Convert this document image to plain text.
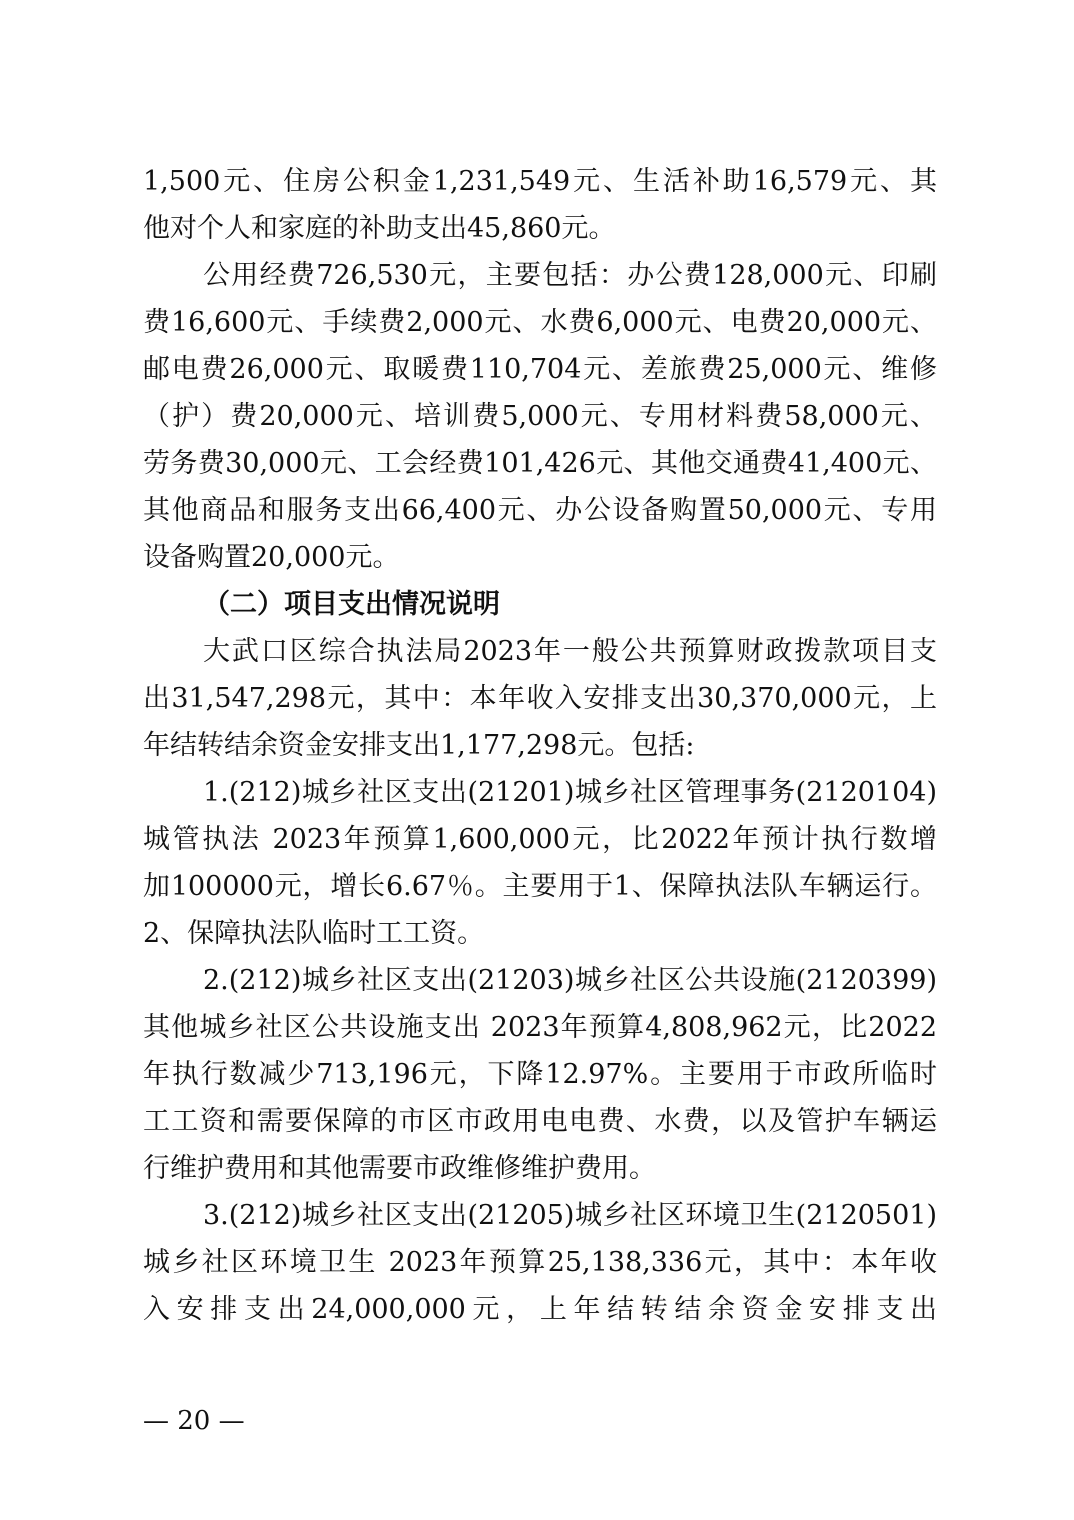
1,500元、住房公积金1,231,549元、生活补助16,579元、其
他对个人和家庭的补助支出45,860元。
公用经费726,530元，主要包括：办公费128,000元、印刷
费16,600元、手续费2,000元、水费6,000元、电费20,000元、
邮电费26,000元、取暖费110,704元、差旅费25,000元、维修
（护）费20,000元、培训费5,000元、专用材料费58,000元、
劳务费30,000元、工会经费101,426元、其他交通费41,400元、
其他商品和服务支出66,400元、办公设备购置50,000元、专用
设备购置20,000元。
（二）项目支出情况说明
大武口区综合执法局2023年一般公共预算财政拨款项目支
出31,547,298元，其中：本年收入安排支出30,370,000元，上
年结转结余资金安排支出1,177,298元。包括:
1.(212)城乡社区支出(21201)城乡社区管理事务(2120104)
城管执法 2023年预算1,600,000元，比2022年预计执行数增
加100000元，增长6.67％。主要用于1、保障执法队车辆运行。
2、保障执法队临时工工资。
2.(212)城乡社区支出(21203)城乡社区公共设施(2120399)
其他城乡社区公共设施支出 2023年预算4,808,962元，比2022
年执行数减少713,196元，下降12.97%。主要用于市政所临时
工工资和需要保障的市区市政用电电费、水费，以及管护车辆运
行维护费用和其他需要市政维修维护费用。
3.(212)城乡社区支出(21205)城乡社区环境卫生(2120501)
城乡社区环境卫生 2023年预算25,138,336元，其中：本年收
入安排支出24,000,000元，上年结转结余资金安排支出
— 20 —
